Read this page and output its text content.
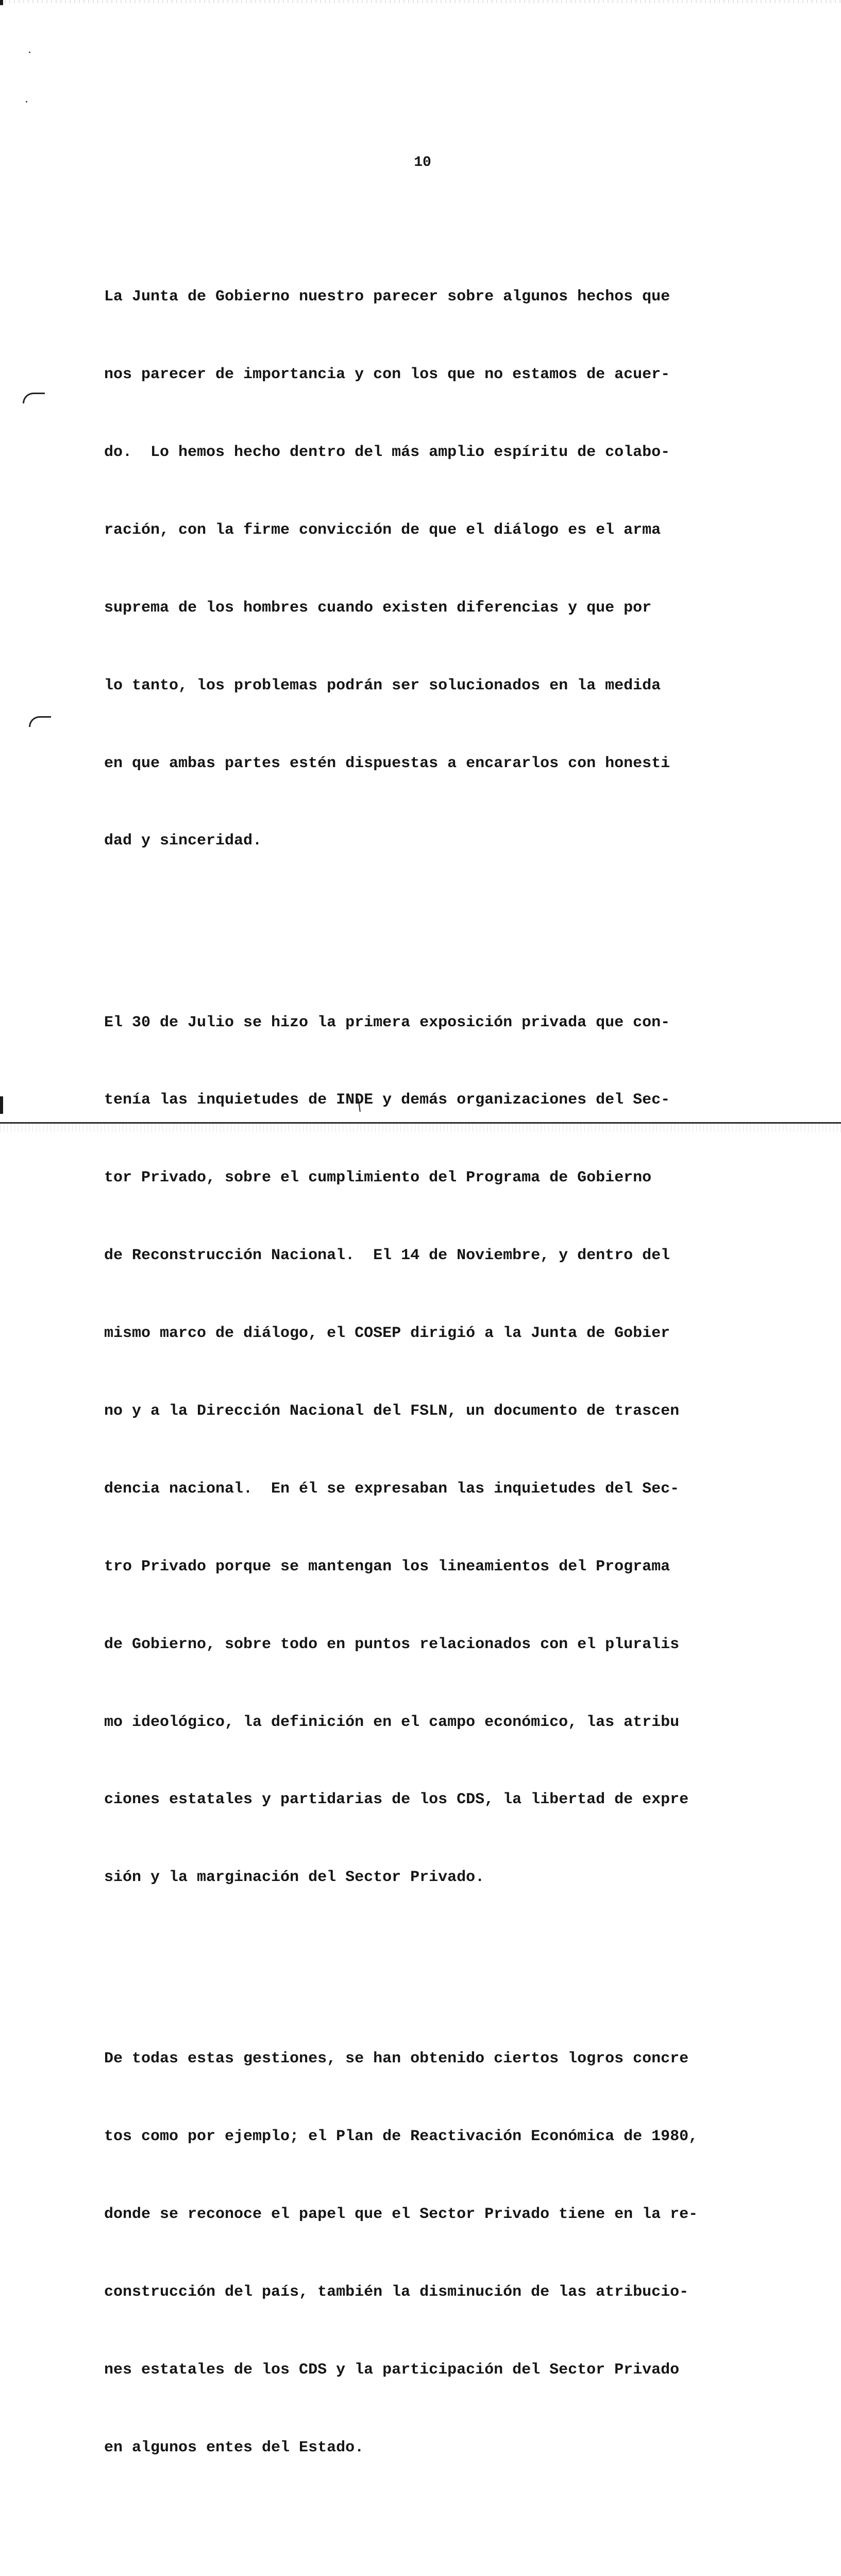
10

La Junta de Gobierno nuestro parecer sobre algunos hechos que

nos parecer de importancia y con los que no estamos de acuer-

do.  Lo hemos hecho dentro del más amplio espíritu de colabo-

ración, con la firme convicción de que el diálogo es el arma

suprema de los hombres cuando existen diferencias y que por

lo tanto, los problemas podrán ser solucionados en la medida

en que ambas partes estén dispuestas a encararlos con honesti

dad y sinceridad.

El 30 de Julio se hizo la primera exposición privada que con-

tenía las inquietudes de INDE y demás organizaciones del Sec-

tor Privado, sobre el cumplimiento del Programa de Gobierno

de Reconstrucción Nacional.  El 14 de Noviembre, y dentro del

mismo marco de diálogo, el COSEP dirigió a la Junta de Gobier

no y a la Dirección Nacional del FSLN, un documento de trascen

dencia nacional.  En él se expresaban las inquietudes del Sec-

tro Privado porque se mantengan los lineamientos del Programa

de Gobierno, sobre todo en puntos relacionados con el pluralis

mo ideológico, la definición en el campo económico, las atribu

ciones estatales y partidarias de los CDS, la libertad de expre

sión y la marginación del Sector Privado.

De todas estas gestiones, se han obtenido ciertos logros concre

tos como por ejemplo; el Plan de Reactivación Económica de 1980,

donde se reconoce el papel que el Sector Privado tiene en la re-

construcción del país, también la disminución de las atribucio-

nes estatales de los CDS y la participación del Sector Privado

en algunos entes del Estado.
